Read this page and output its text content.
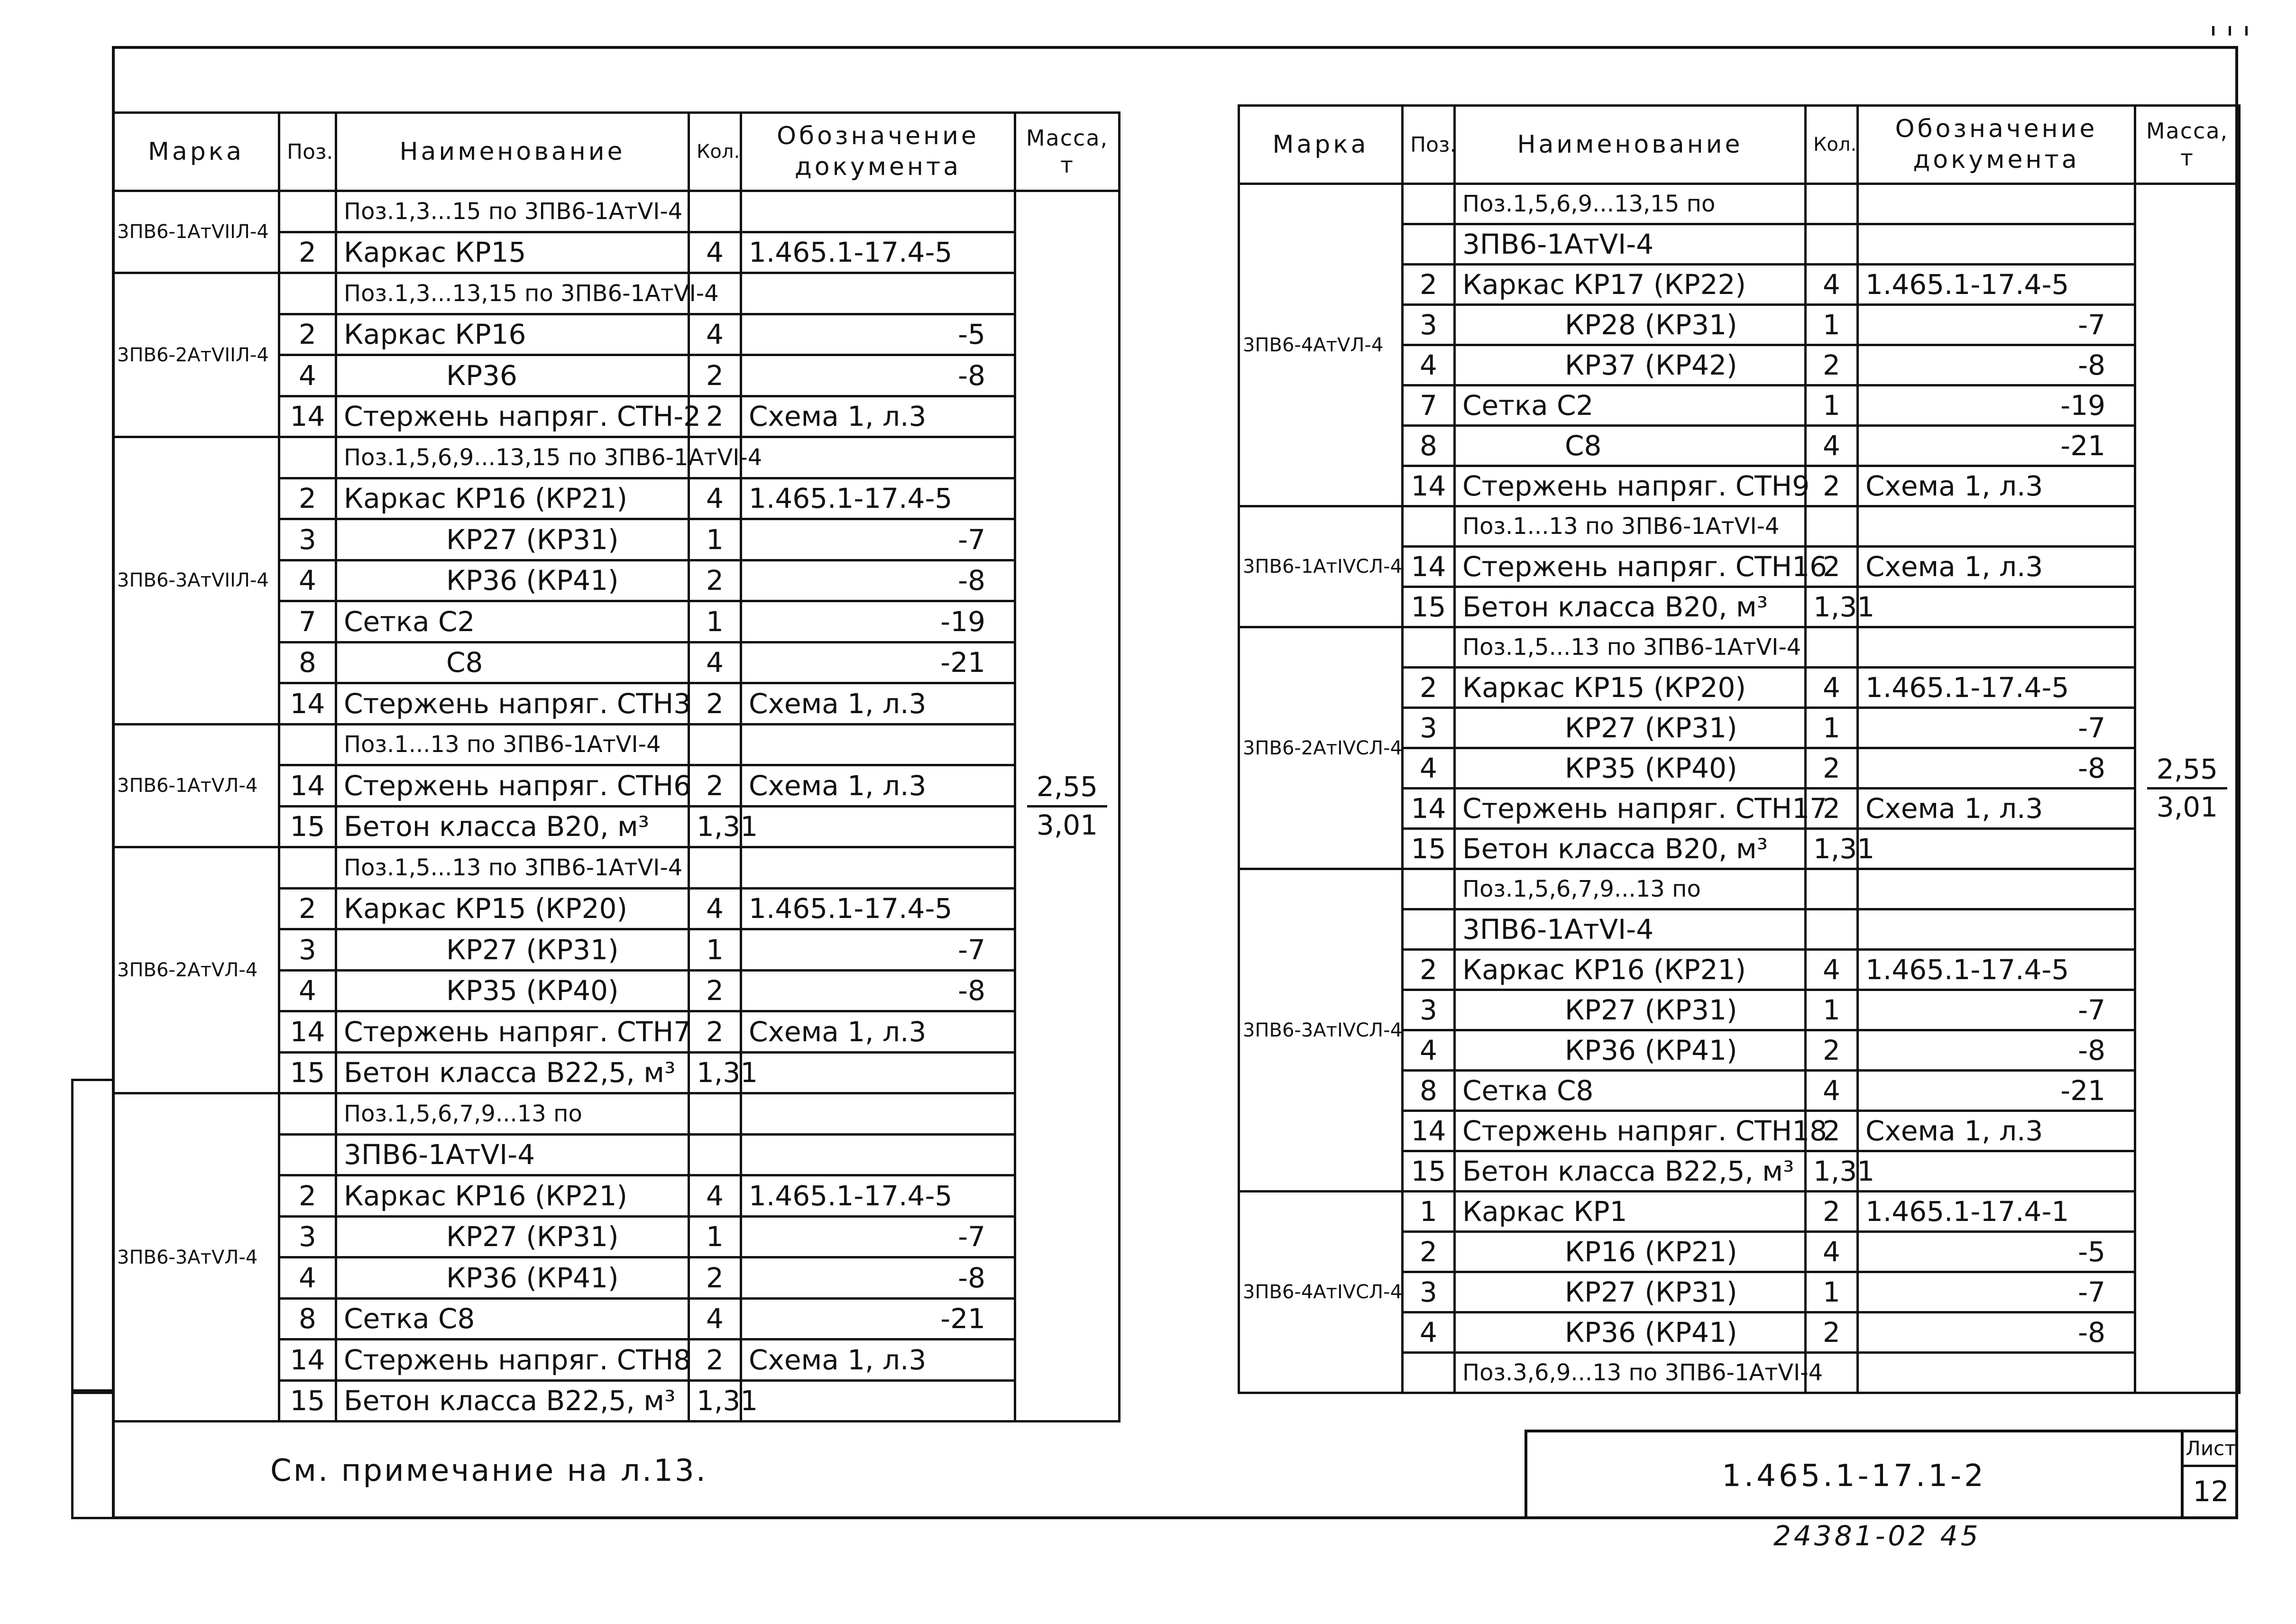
Марка	Поз.	Наименование	Кол.	Обозначение документа	Масса, т
3ПВ6-1АтVIIЛ-4		Поз.1,3...15 по 3ПВ6-1АтVI-4			$\frac{2,55}{3,01}$

	2	Каркас КР15	4	1.465.1-17.4-5	
3ПВ6-2АтVIIЛ-4		Поз.1,3...13,15 по 3ПВ6-1АтVI-4			
	2	Каркас КР16	4	-5	
	4	КР36	2	-8	
	14	Стержень напряг. СТН-2	2	Схема 1, л.3	
3ПВ6-3АтVIIЛ-4		Поз.1,5,6,9...13,15 по 3ПВ6-1АтVI-4			
	2	Каркас КР16 (КР21)	4	1.465.1-17.4-5	
	3	КР27 (КР31)	1	-7	
	4	КР36 (КР41)	2	-8	
	7	Сетка С2	1	-19	
	8	С8	4	-21	
	14	Стержень напряг. СТН3	2	Схема 1, л.3	
3ПВ6-1АтVЛ-4		Поз.1...13 по 3ПВ6-1АтVI-4			
	14	Стержень напряг. СТН6	2	Схема 1, л.3	
	15	Бетон класса В20, м³	1,31		
3ПВ6-2АтVЛ-4		Поз.1,5...13 по 3ПВ6-1АтVI-4			
	2	Каркас КР15 (КР20)	4	1.465.1-17.4-5	
	3	КР27 (КР31)	1	-7	
	4	КР35 (КР40)	2	-8	
	14	Стержень напряг. СТН7	2	Схема 1, л.3	
	15	Бетон класса В22,5, м³	1,31		
3ПВ6-3АтVЛ-4		Поз.1,5,6,7,9...13 по			
		3ПВ6-1АтVI-4			
	2	Каркас КР16 (КР21)	4	1.465.1-17.4-5	
	3	КР27 (КР31)	1	-7	
	4	КР36 (КР41)	2	-8	
	8	Сетка С8	4	-21	
	14	Стержень напряг. СТН8	2	Схема 1, л.3	
	15	Бетон класса В22,5, м³	1,31		
Марка	Поз.	Наименование	Кол.	Обозначение документа	Масса, т
3ПВ6-4АтVЛ-4		Поз.1,5,6,9...13,15 по			$\frac{2,55}{3,01}$

		3ПВ6-1АтVI-4			
	2	Каркас КР17 (КР22)	4	1.465.1-17.4-5	
	3	КР28 (КР31)	1	-7	
	4	КР37 (КР42)	2	-8	
	7	Сетка С2	1	-19	
	8	С8	4	-21	
	14	Стержень напряг. СТН9	2	Схема 1, л.3	
3ПВ6-1АтIVСЛ-4		Поз.1...13 по 3ПВ6-1АтVI-4			
	14	Стержень напряг. СТН16	2	Схема 1, л.3	
	15	Бетон класса В20, м³	1,31		
3ПВ6-2АтIVСЛ-4		Поз.1,5...13 по 3ПВ6-1АтVI-4			
	2	Каркас КР15 (КР20)	4	1.465.1-17.4-5	
	3	КР27 (КР31)	1	-7	
	4	КР35 (КР40)	2	-8	
	14	Стержень напряг. СТН17	2	Схема 1, л.3	
	15	Бетон класса В20, м³	1,31		
3ПВ6-3АтIVСЛ-4		Поз.1,5,6,7,9...13 по			
		3ПВ6-1АтVI-4			
	2	Каркас КР16 (КР21)	4	1.465.1-17.4-5	
	3	КР27 (КР31)	1	-7	
	4	КР36 (КР41)	2	-8	
	8	Сетка С8	4	-21	
	14	Стержень напряг. СТН18	2	Схема 1, л.3	
	15	Бетон класса В22,5, м³	1,31		
3ПВ6-4АтIVСЛ-4	1	Каркас КР1	2	1.465.1-17.4-1	
	2	КР16 (КР21)	4	-5	
	3	КР27 (КР31)	1	-7	
	4	КР36 (КР41)	2	-8	
		Поз.3,6,9...13 по 3ПВ6-1АтVI-4			
См. примечание на л.13.	1.465.1-17.1-2
Лист
12
24381-02 45
